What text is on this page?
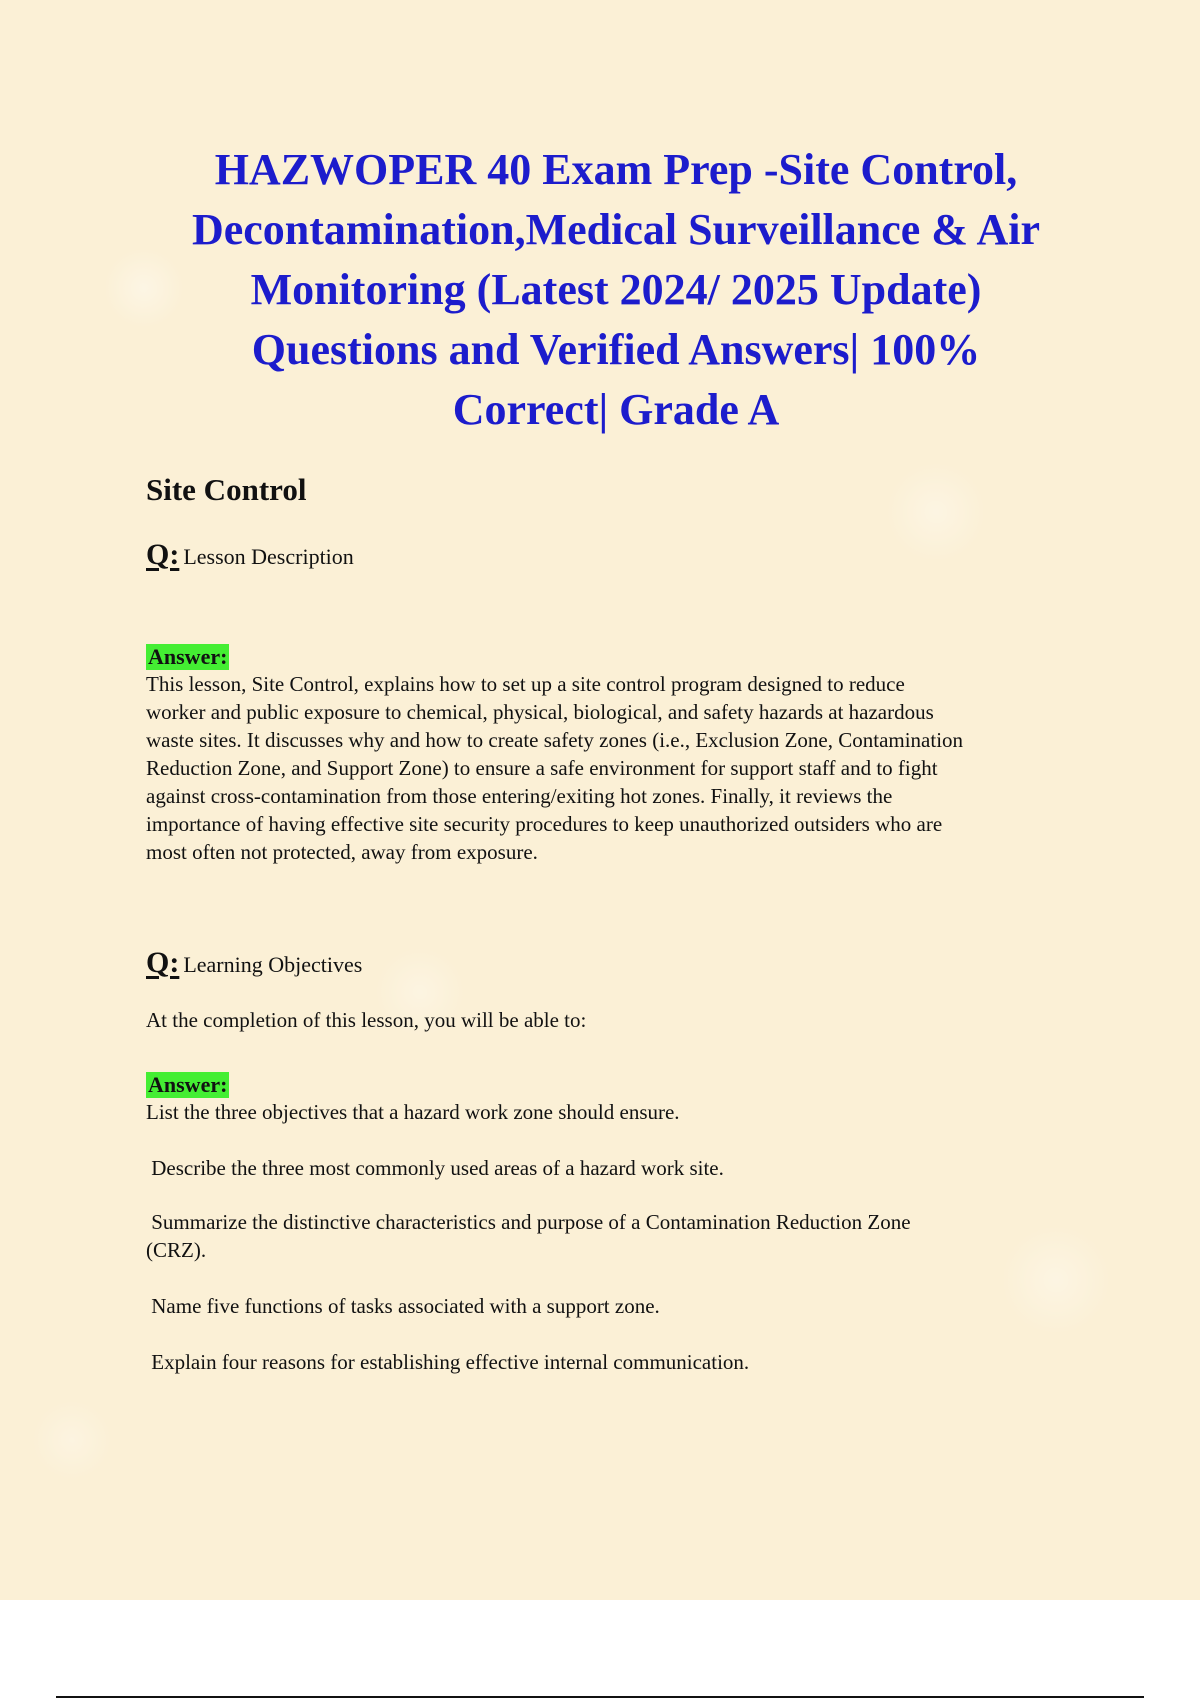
HAZWOPER 40 Exam Prep -Site Control,
Decontamination,Medical Surveillance & Air
Monitoring (Latest 2024/ 2025 Update)
Questions and Verified Answers| 100%
Correct| Grade A
Site Control

Q: Lesson Description

Answer:

This lesson, Site Control, explains how to set up a site control program designed to reduce

worker and public exposure to chemical, physical, biological, and safety hazards at hazardous

waste sites. It discusses why and how to create safety zones (i.e., Exclusion Zone, Contamination

Reduction Zone, and Support Zone) to ensure a safe environment for support staff and to fight

against cross-contamination from those entering/exiting hot zones. Finally, it reviews the

importance of having effective site security procedures to keep unauthorized outsiders who are

most often not protected, away from exposure.

Q: Learning Objectives

At the completion of this lesson, you will be able to:

Answer:

List the three objectives that a hazard work zone should ensure.

Describe the three most commonly used areas of a hazard work site.

Summarize the distinctive characteristics and purpose of a Contamination Reduction Zone
(CRZ).

Name five functions of tasks associated with a support zone.

Explain four reasons for establishing effective internal communication.
